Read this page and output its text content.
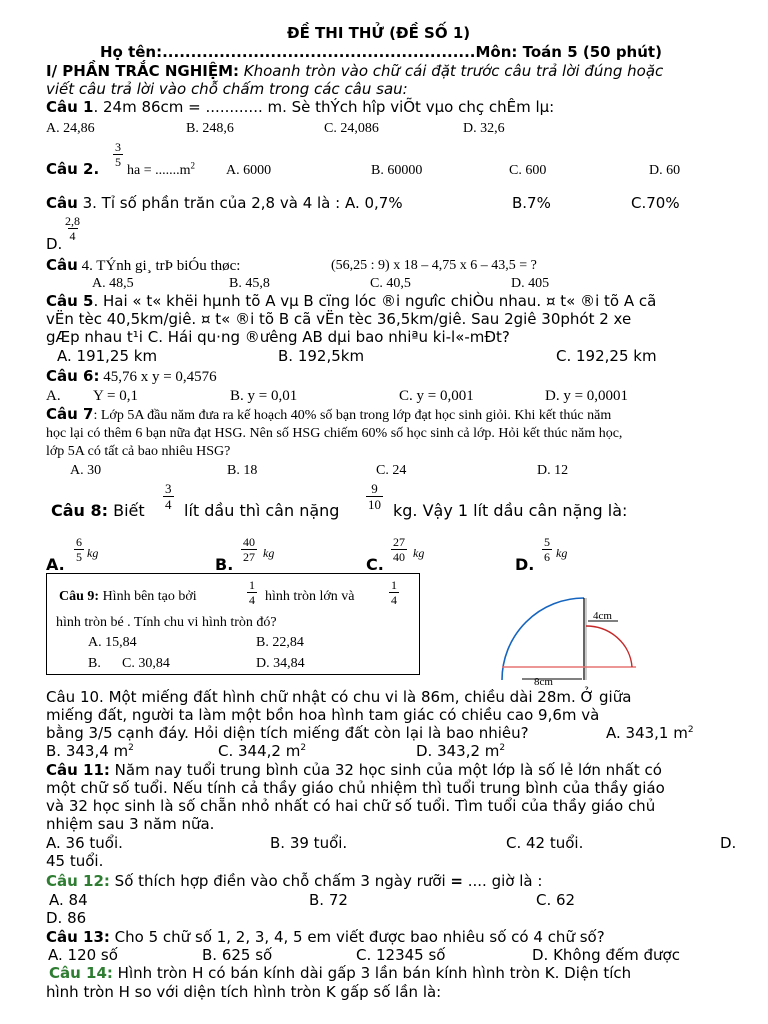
ĐỀ THI THỬ (ĐỀ SỐ 1)
Họ tên:.......................................................Môn: Toán 5 (50 phút)
I/ PHẦN TRẮC NGHIỆM: Khoanh tròn vào chữ cái đặt trước câu trả lời đúng hoặc
viết câu trả lời vào chỗ chấm trong các câu sau:
Câu 1. 24m 86cm = ............ m. Sè thÝch hîp viÕt vµo chç chÊm lµ:
A. 24,86	B. 248,6	C. 24,086	D. 32,6
Câu 2. $\frac{3}{5}$
ha = $.......m^2$ A. 6000	B. 60000	C. 600	D. 60
Câu 3. Tỉ số phần trăn của 2,8 và 4 là : A. 0,7%	B.7%	C.70%
D.
$\frac{2,8}{4}$
Câu 4. TÝnh gi¸ trÞ biÓu thøc:	(56,25 : 9) x 18 – 4,75 x 6 – 43,5 = ?
A. 48,5	B. 45,8	C. 40,5	D. 405
Câu 5. Hai « t« khëi hµnh tõ A vµ B cïng lóc ®i ngưîc chiÒu nhau. ¤ t« ®i tõ A cã
vËn tèc 40,5km/giê. ¤ t« ®i tõ B cã vËn tèc 36,5km/giê. Sau 2giê 30phót 2 xe
gÆp nhau t¹i C. Hái qu·ng ®ưêng AB dµi bao nhiªu ki-l«-mÐt?
A. 191,25 km	B. 192,5km	C. 192,25 km
Câu 6: 45,76 x y = 0,4576
A. Y = 0,1	B. y = 0,01	C. y = 0,001	D. y = 0,0001
Câu 7: Lớp 5A đầu năm đưa ra kế hoạch 40% số bạn trong lớp đạt học sinh giỏi. Khi kết thúc năm
học lại có thêm 6 bạn nữa đạt HSG. Nên số HSG chiếm 60% số học sinh cả lớp. Hỏi kết thúc năm học,
lớp 5A có tất cả bao nhiêu HSG?
A. 30	B. 18	C. 24	D. 12
Câu 8: Biết $\frac{3}{4}$ lít dầu thì cân nặng $\frac{9}{10}$ kg. Vậy 1 lít dầu cân nặng là:
A.
$\frac{6}{5}$ kg
B.
$\frac{40}{27}$ kg
C.
$\frac{27}{40}$ kg
D.
$\frac{5}{6}$ kg
Câu 9: Hình bên tạo bởi	$\frac{1}{4}$ hình tròn lớn và	$\frac{1}{4}$
hình tròn bé . Tính chu vi hình tròn đó?
A. 15,84	B. 22,84
B. C. 30,84	D. 34,84
4cm
8cm
Câu 10. Một miếng đất hình chữ nhật có chu vi là 86m, chiều dài 28m. Ở giữa
miếng đất, người ta làm một bồn hoa hình tam giác có chiều cao 9,6m và
bằng 3/5 cạnh đáy. Hỏi diện tích miếng đất còn lại là bao nhiêu?	A. 343,1 $m^2$
B. 343,4 $m^2$	C. 344,2 $m^2$	D. 343,2 $m^2$
Câu 11: Năm nay tuổi trung bình của 32 học sinh của một lớp là số lẻ lớn nhất có
một chữ số tuổi. Nếu tính cả thầy giáo chủ nhiệm thì tuổi trung bình của thầy giáo
và 32 học sinh là số chẵn nhỏ nhất có hai chữ số tuổi. Tìm tuổi của thầy giáo chủ
nhiệm sau 3 năm nữa.
A. 36 tuổi.	B. 39 tuổi.	C. 42 tuổi.	D.
45 tuổi.
Câu 12: Số thích hợp điền vào chỗ chấm 3 ngày rưỡi = .... giờ là :
A. 84	B. 72	C. 62
D. 86
Câu 13: Cho 5 chữ số 1, 2, 3, 4, 5 em viết được bao nhiêu số có 4 chữ số?
A. 120 số	B. 625 số	C. 12345 số	D. Không đếm được
Câu 14: Hình tròn H có bán kính dài gấp 3 lần bán kính hình tròn K. Diện tích
hình tròn H so với diện tích hình tròn K gấp số lần là:
